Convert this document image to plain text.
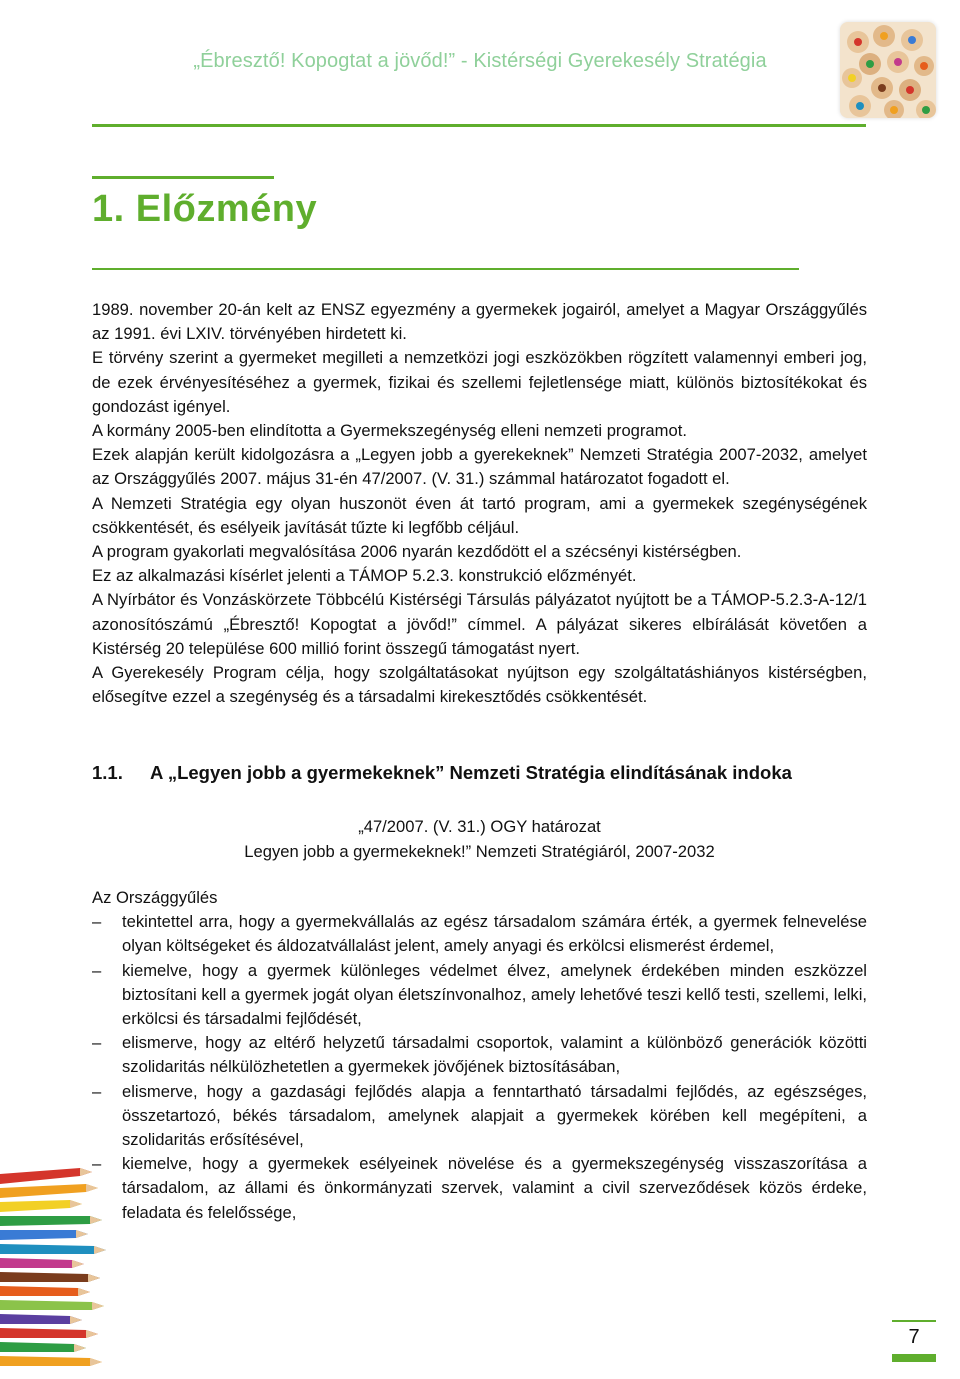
„Ébresztő! Kopogtat a jövőd!” - Kistérségi Gyerekesély Stratégia
1. Előzmény

1989. november 20-án kelt az ENSZ egyezmény a gyermekek jogairól, amelyet a Magyar Országgyűlés az 1991. évi LXIV. törvényében hirdetett ki.

E törvény szerint a gyermeket megilleti a nemzetközi jogi eszközökben rögzített valamennyi emberi jog, de ezek érvényesítéséhez a gyermek, fizikai és szellemi fejletlensége miatt, különös biztosítékokat és gondozást igényel.

A kormány 2005-ben elindította a Gyermekszegénység elleni nemzeti programot.

Ezek alapján került kidolgozásra a „Legyen jobb a gyerekeknek” Nemzeti Stratégia 2007-2032, amelyet az Országgyűlés 2007. május 31-én 47/2007. (V. 31.) számmal határozatot fogadott el.

A Nemzeti Stratégia egy olyan huszonöt éven át tartó program, ami a gyermekek szegénységének csökkentését, és esélyeik javítását tűzte ki legfőbb céljául.

A program gyakorlati megvalósítása 2006 nyarán kezdődött el a szécsényi kistérségben.

Ez az alkalmazási kísérlet jelenti a TÁMOP 5.2.3. konstrukció előzményét.

A Nyírbátor és Vonzáskörzete Többcélú Kistérségi Társulás pályázatot nyújtott be a TÁMOP-5.2.3-A-12/1 azonosítószámú „Ébresztő! Kopogtat a jövőd!” címmel. A pályázat sikeres elbírálását követően a Kistérség 20 települése 600 millió forint összegű támogatást nyert.

A Gyerekesély Program célja, hogy szolgáltatásokat nyújtson egy szolgáltatáshiányos kistérségben, elősegítve ezzel a szegénység és a társadalmi kirekesztődés csökkentését.

1.1. A „Legyen jobb a gyermekeknek” Nemzeti Stratégia elindításának indoka
„47/2007. (V. 31.) OGY határozat
Legyen jobb a gyermekeknek!” Nemzeti Stratégiáról, 2007-2032

Az Országgyűlés

– tekintettel arra, hogy a gyermekvállalás az egész társadalom számára érték, a gyermek felnevelése olyan költségeket és áldozatvállalást jelent, amely anyagi és erkölcsi elismerést érdemel,
– kiemelve, hogy a gyermek különleges védelmet élvez, amelynek érdekében minden eszközzel biztosítani kell a gyermek jogát olyan életszínvonalhoz, amely lehetővé teszi kellő testi, szellemi, lelki, erkölcsi és társadalmi fejlődését,
– elismerve, hogy az eltérő helyzetű társadalmi csoportok, valamint a különböző generációk közötti szolidaritás nélkülözhetetlen a gyermekek jövőjének biztosításában,
– elismerve, hogy a gazdasági fejlődés alapja a fenntartható társadalmi fejlődés, az egészséges, összetartozó, békés társadalom, amelynek alapjait a gyermekek körében kell megépíteni, a szolidaritás erősítésével,
– kiemelve, hogy a gyermekek esélyeinek növelése és a gyermekszegénység visszaszorítása a társadalom, az állami és önkormányzati szervek, valamint a civil szerveződések közös érdeke, feladata és felelőssége,
7
